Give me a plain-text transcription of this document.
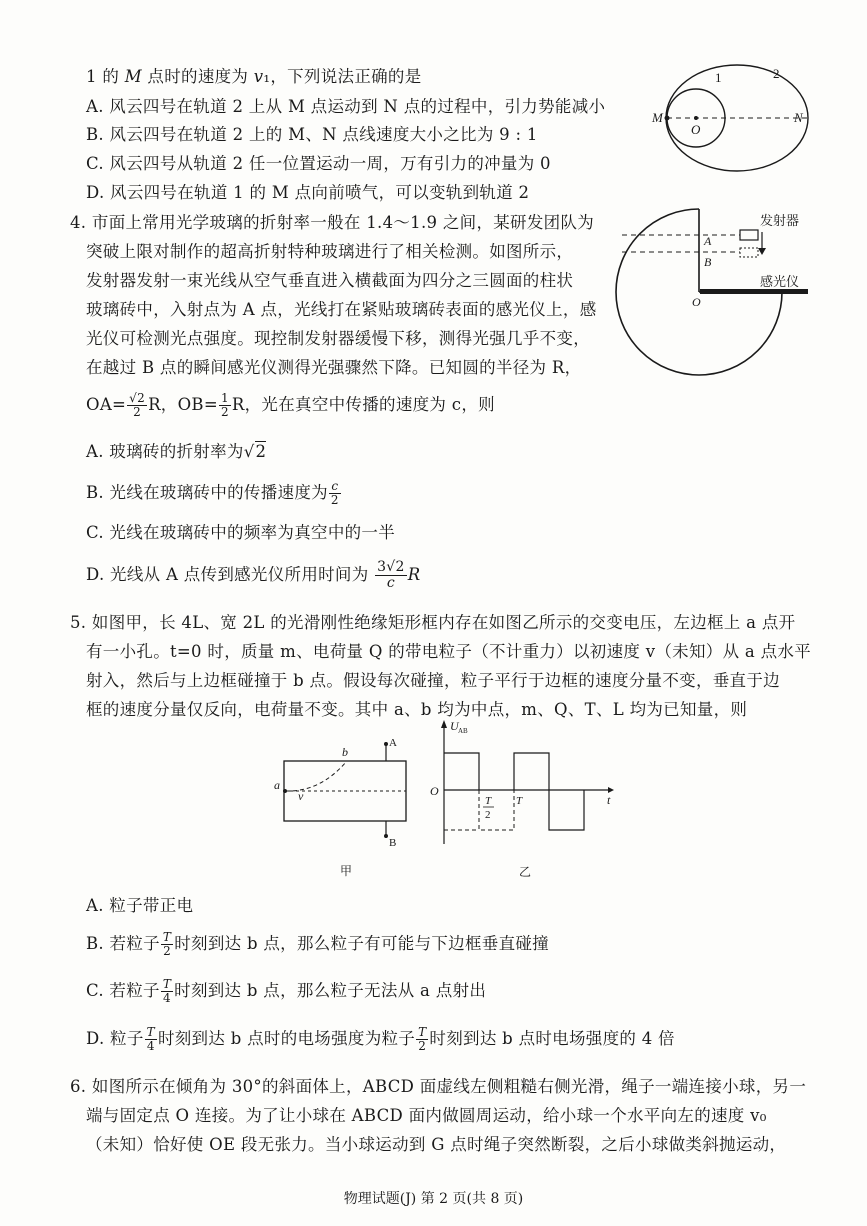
1 的 M 点时的速度为 v₁，下列说法正确的是
A. 风云四号在轨道 2 上从 M 点运动到 N 点的过程中，引力势能减小
B. 风云四号在轨道 2 上的 M、N 点线速度大小之比为 9 : 1
C. 风云四号从轨道 2 任一位置运动一周，万有引力的冲量为 0
D. 风云四号在轨道 1 的 M 点向前喷气，可以变轨到轨道 2
1	2
M
O
N
4. 市面上常用光学玻璃的折射率一般在 1.4～1.9 之间，某研发团队为
突破上限对制作的超高折射特种玻璃进行了相关检测。如图所示，
发射器发射一束光线从空气垂直进入横截面为四分之三圆面的柱状
玻璃砖中，入射点为 A 点，光线打在紧贴玻璃砖表面的感光仪上，感
光仪可检测光点强度。现控制发射器缓慢下移，测得光强几乎不变，
在越过 B 点的瞬间感光仪测得光强骤然下降。已知圆的半径为 R，
$OA= \frac{√2}{2}$ R，$OB= \frac{1}{2}$ R，光在真空中传播的速度为 c，则
A. 玻璃砖的折射率为√2
B. 光线在玻璃砖中的传播速度为 $\frac{c}{2}$
C. 光线在玻璃砖中的频率为真空中的一半
D. 光线从 A 点传到感光仪所用时间为 $\frac{3√2}{c}$ R
发射器
感光仪
A
B
O
5. 如图甲，长 4L、宽 2L 的光滑刚性绝缘矩形框内存在如图乙所示的交变电压，左边框上 a 点开
有一小孔。t=0 时，质量 m、电荷量 Q 的带电粒子（不计重力）以初速度 v（未知）从 a 点水平
射入，然后与上边框碰撞于 b 点。假设每次碰撞，粒子平行于边框的速度分量不变，垂直于边
框的速度分量仅反向，电荷量不变。其中 a、b 均为中点，m、Q、T、L 均为已知量，则
a
b
v
A
B
甲
U AB
O
t
T
2
T
乙
A. 粒子带正电
B. 若粒子 $\frac{T}{2}$ 时刻到达 b 点，那么粒子有可能与下边框垂直碰撞
C. 若粒子 $\frac{T}{4}$ 时刻到达 b 点，那么粒子无法从 a 点射出
D. 粒子 $\frac{T}{4}$ 时刻到达 b 点时的电场强度为粒子 $\frac{T}{2}$ 时刻到达 b 点时电场强度的 4 倍
6. 如图所示在倾角为 30°的斜面体上，ABCD 面虚线左侧粗糙右侧光滑，绳子一端连接小球，另一
端与固定点 O 连接。为了让小球在 ABCD 面内做圆周运动，给小球一个水平向左的速度 v₀
（未知）恰好使 OE 段无张力。当小球运动到 G 点时绳子突然断裂，之后小球做类斜抛运动，
物理试题(J) 第 2 页(共 8 页)
